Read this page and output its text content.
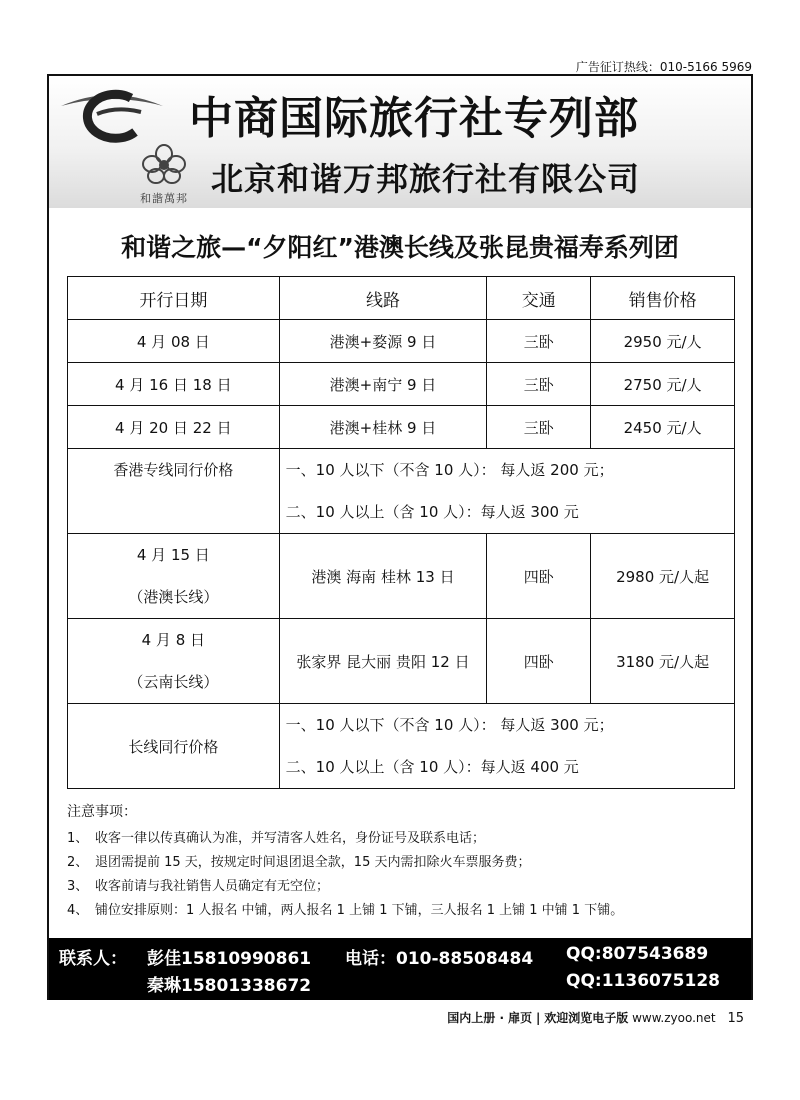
广告征订热线：010-5166 5969
中商国际旅行社专列部
和諧萬邦
北京和谐万邦旅行社有限公司
和谐之旅—“夕阳红”港澳长线及张昆贵福寿系列团
开行日期	线路	交通	销售价格
4 月 08 日	港澳+婺源 9 日	三卧	2950 元/人
4 月 16 日 18 日	港澳+南宁 9 日	三卧	2750 元/人
4 月 20 日 22 日	港澳+桂林 9 日	三卧	2450 元/人

香港专线同行价格	一、10 人以下（不含 10 人）： 每人返 200 元；
二、10 人以上（含 10 人）：每人返 300 元		

4 月 15 日
（港澳长线）	港澳 海南 桂林 13 日	四卧	2980 元/人起

4 月 8 日
（云南长线）	张家界 昆大丽 贵阳 12 日	四卧	3180 元/人起
长线同行价格	一、10 人以下（不含 10 人）： 每人返 300 元；
二、10 人以上（含 10 人）：每人返 400 元		
注意事项：
1、 收客一律以传真确认为准，并写清客人姓名，身份证号及联系电话；
2、 退团需提前 15 天，按规定时间退团退全款，15 天内需扣除火车票服务费；
3、 收客前请与我社销售人员确定有无空位；
4、 铺位安排原则：1 人报名 中铺，两人报名 1 上铺 1 下铺，三人报名 1 上铺 1 中铺 1 下铺。
联系人： 彭佳15810990861
秦琳15801338672
电话：010-88508484 QQ:807543689
QQ:1136075128
国内上册 · 扉页 | 欢迎浏览电子版 www.zyoo.net 15
